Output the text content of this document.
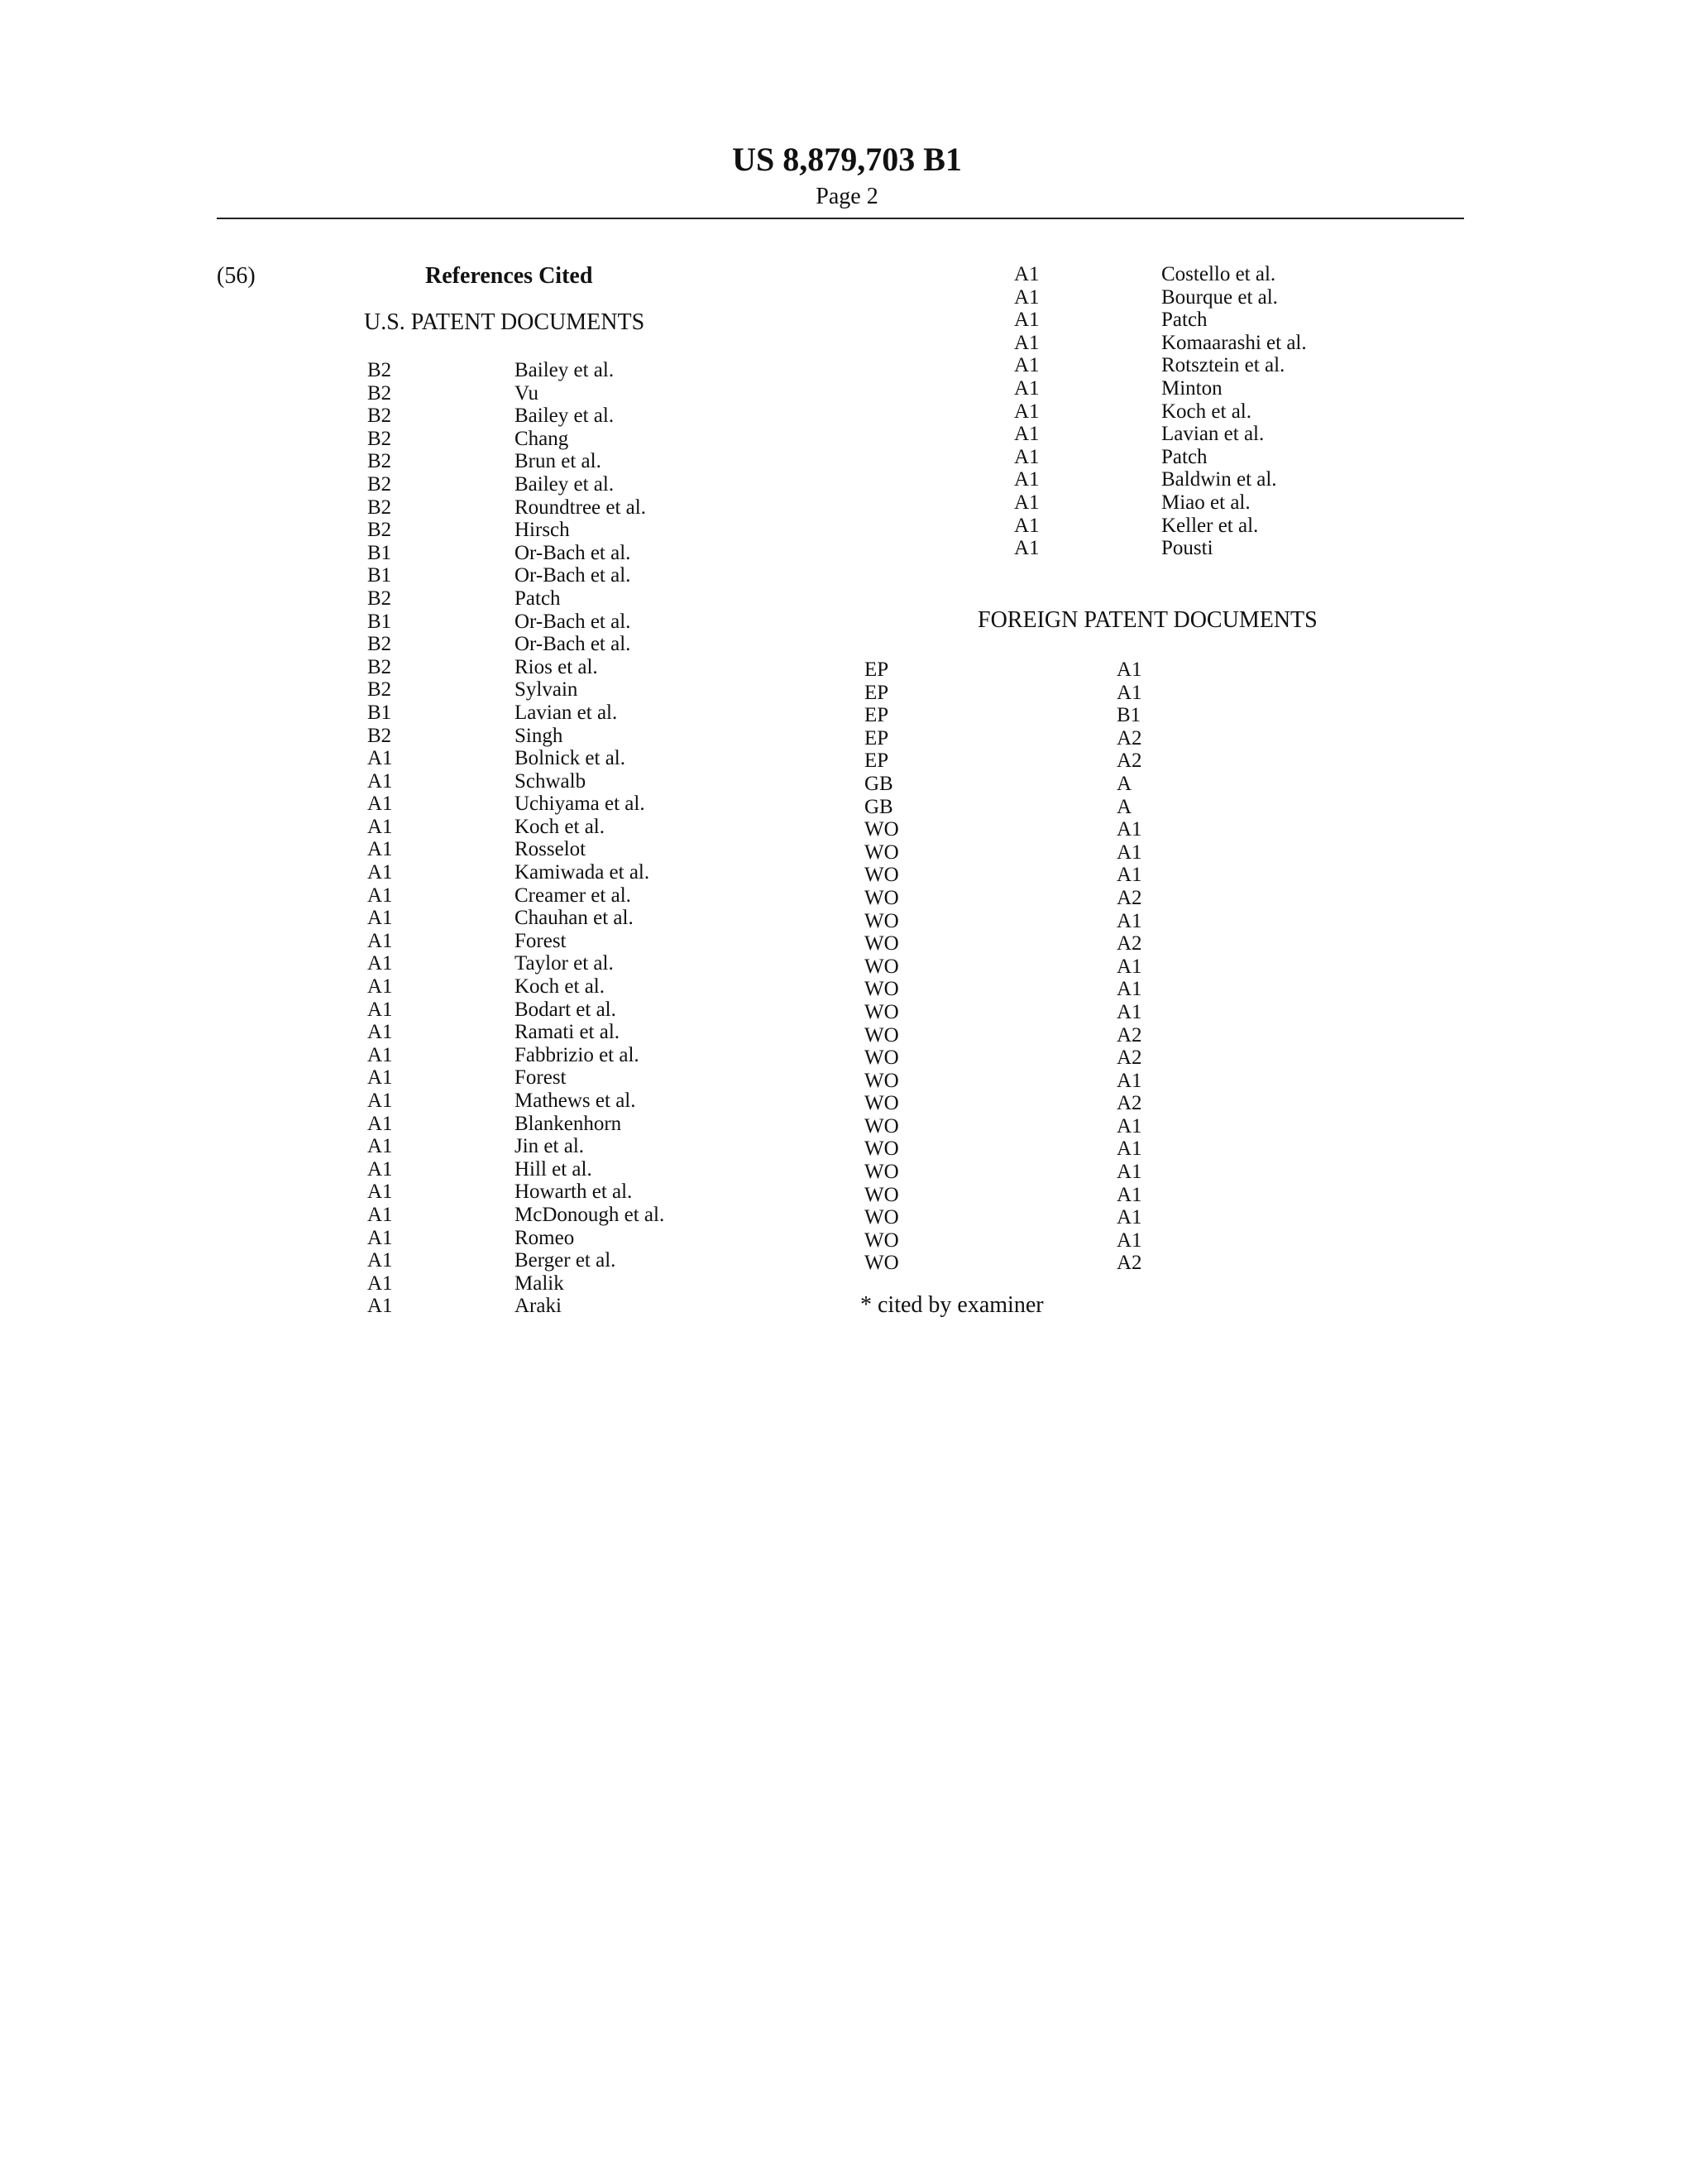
US 8,879,703 B1
Page 2
(56)	References Cited
U.S. PATENT DOCUMENTS
FOREIGN PATENT DOCUMENTS
* cited by examiner
B2	Bailey et al.
B2	Vu
B2	Bailey et al.
B2	Chang
B2	Brun et al.
B2	Bailey et al.
B2	Roundtree et al.
B2	Hirsch
B1	Or-Bach et al.
B1	Or-Bach et al.
B2	Patch
B1	Or-Bach et al.
B2	Or-Bach et al.
B2	Rios et al.
B2	Sylvain
B1	Lavian et al.
B2	Singh
A1	Bolnick et al.
A1	Schwalb
A1	Uchiyama et al.
A1	Koch et al.
A1	Rosselot
A1	Kamiwada et al.
A1	Creamer et al.
A1	Chauhan et al.
A1	Forest
A1	Taylor et al.
A1	Koch et al.
A1	Bodart et al.
A1	Ramati et al.
A1	Fabbrizio et al.
A1	Forest
A1	Mathews et al.
A1	Blankenhorn
A1	Jin et al.
A1	Hill et al.
A1	Howarth et al.
A1	McDonough et al.
A1	Romeo
A1	Berger et al.
A1	Malik
A1	Araki
A1	Costello et al.
A1	Bourque et al.
A1	Patch
A1	Komaarashi et al.
A1	Rotsztein et al.
A1	Minton
A1	Koch et al.
A1	Lavian et al.
A1	Patch
A1	Baldwin et al.
A1	Miao et al.
A1	Keller et al.
A1	Pousti
EP	A1
EP	A1
EP	B1
EP	A2
EP	A2
GB	A
GB	A
WO	A1
WO	A1
WO	A1
WO	A2
WO	A1
WO	A2
WO	A1
WO	A1
WO	A1
WO	A2
WO	A2
WO	A1
WO	A2
WO	A1
WO	A1
WO	A1
WO	A1
WO	A1
WO	A1
WO	A2
